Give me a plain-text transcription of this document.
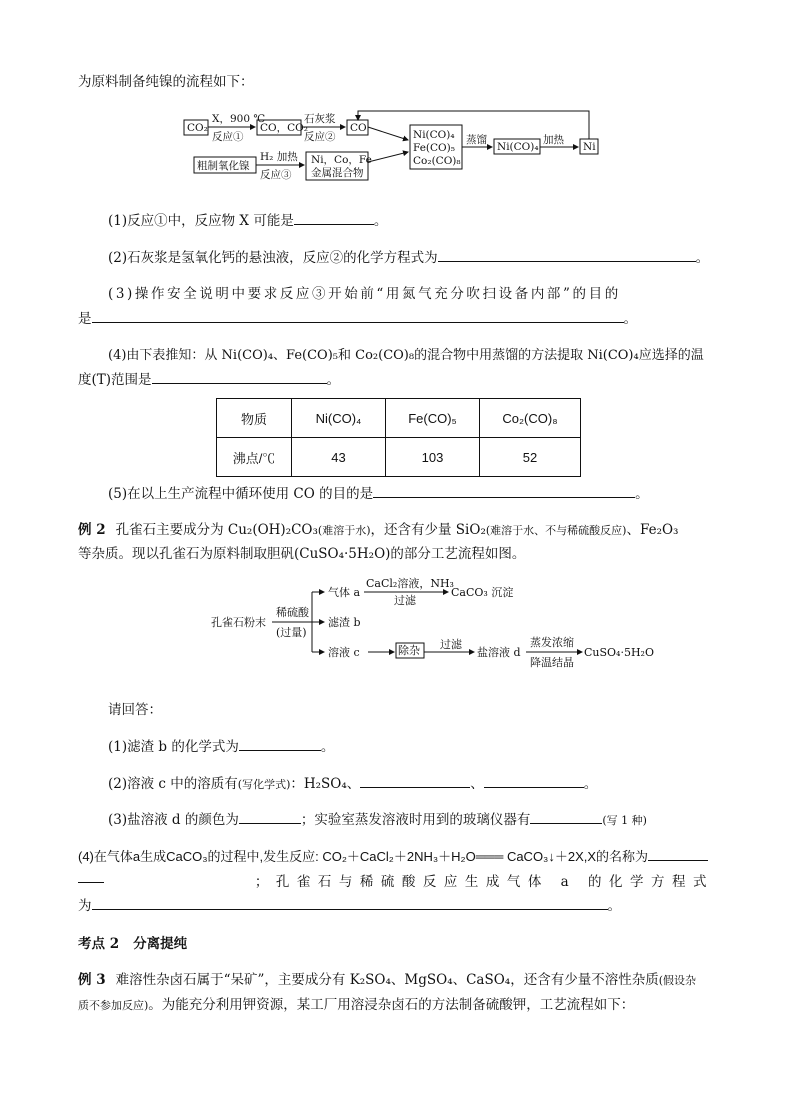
为原料制备纯镍的流程如下：
CO₂
X，900 ℃
反应①
CO，CO₂
石灰浆
反应②
CO
粗制氧化镍
H₂ 加热
反应③
Ni，Co，Fe
金属混合物
Ni(CO)₄
Fe(CO)₅
Co₂(CO)₈
蒸馏
Ni(CO)₄
加热
Ni
(1)反应①中，反应物 X 可能是	。
(2)石灰浆是氢氧化钙的悬浊液，反应②的化学方程式为	。
(3)操作安全说明中要求反应③开始前“用氮气充分吹扫设备内部”的目的
是	。
(4)由下表推知：从 Ni(CO)₄、Fe(CO)₅和 Co₂(CO)₈的混合物中用蒸馏的方法提取 Ni(CO)₄应选择的温
度(T)范围是	。
物质	Ni(CO)₄	Fe(CO)₅	Co₂(CO)₈
沸点/℃	43	103	52
(5)在以上生产流程中循环使用 CO 的目的是	。
例 2 孔雀石主要成分为 Cu₂(OH)₂CO₃(难溶于水)，还含有少量 SiO₂(难溶于水、不与稀硫酸反应)、Fe₂O₃
等杂质。现以孔雀石为原料制取胆矾(CuSO₄·5H₂O)的部分工艺流程如图。
孔雀石粉末
稀硫酸
(过量)
气体 a
CaCl₂溶液，NH₃
过滤
CaCO₃ 沉淀
滤渣 b
溶液 c	除杂 过滤
盐溶液 d
蒸发浓缩
降温结晶
CuSO₄·5H₂O
请回答：
(1)滤渣 b 的化学式为	。
(2)溶液 c 中的溶质有(写化学式)：H₂SO₄、	、	。
(3)盐溶液 d 的颜色为	；实验室蒸发溶液时用到的玻璃仪器有	(写 1 种)
(4)在气体a生成CaCO₃的过程中,发生反应: CO₂＋CaCl₂＋2NH₃＋H₂O═══ CaCO₃↓＋2X,X的名称为
；孔雀石与稀硫酸反应生成气体 a 的化学方程式
为	。
考点 2 分离提纯
例 3 难溶性杂卤石属于“呆矿”，主要成分有 K₂SO₄、MgSO₄、CaSO₄，还含有少量不溶性杂质(假设杂
质不参加反应)。为能充分利用钾资源，某工厂用溶浸杂卤石的方法制备硫酸钾，工艺流程如下：
